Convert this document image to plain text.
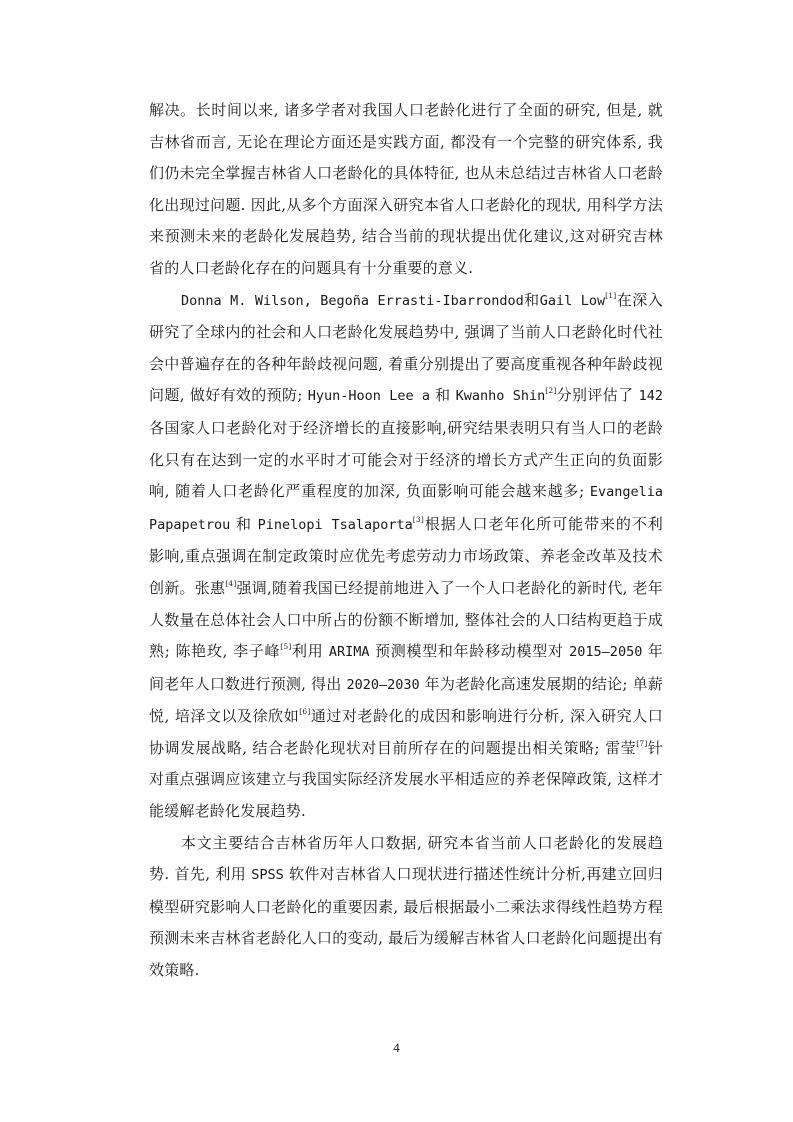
解决。长时间以来, 诸多学者对我国人口老龄化进行了全面的研究, 但是, 就吉林省而言, 无论在理论方面还是实践方面, 都没有一个完整的研究体系, 我们仍未完全掌握吉林省人口老龄化的具体特征, 也从未总结过吉林省人口老龄化出现过问题. 因此,从多个方面深入研究本省人口老龄化的现状, 用科学方法来预测未来的老龄化发展趋势, 结合当前的现状提出优化建议,这对研究吉林省的人口老龄化存在的问题具有十分重要的意义.

Donna M. Wilson, Begoña Errasti-Ibarrondod和Gail Low[1]在深入研究了全球内的社会和人口老龄化发展趋势中, 强调了当前人口老龄化时代社会中普遍存在的各种年龄歧视问题, 着重分别提出了要高度重视各种年龄歧视问题, 做好有效的预防; Hyun-Hoon Lee a 和 Kwanho Shin[2]分别评估了 142 各国家人口老龄化对于经济增长的直接影响,研究结果表明只有当人口的老龄化只有在达到一定的水平时才可能会对于经济的增长方式产生正向的负面影响, 随着人口老龄化严重程度的加深, 负面影响可能会越来越多; Evangelia Papapetrou 和 Pinelopi Tsalaporta[3]根据人口老年化所可能带来的不利影响,重点强调在制定政策时应优先考虑劳动力市场政策、养老金改革及技术创新。张惠[4]强调,随着我国已经提前地进入了一个人口老龄化的新时代, 老年人数量在总体社会人口中所占的份额不断增加, 整体社会的人口结构更趋于成熟; 陈艳玫, 李子峰[5]利用 ARIMA 预测模型和年龄移动模型对 2015—2050 年间老年人口数进行预测, 得出 2020—2030 年为老龄化高速发展期的结论; 单薪悦, 培泽文以及徐欣如[6]通过对老龄化的成因和影响进行分析, 深入研究人口协调发展战略, 结合老龄化现状对目前所存在的问题提出相关策略; 雷莹[7]针对重点强调应该建立与我国实际经济发展水平相适应的养老保障政策, 这样才能缓解老龄化发展趋势.

本文主要结合吉林省历年人口数据, 研究本省当前人口老龄化的发展趋势. 首先, 利用 SPSS 软件对吉林省人口现状进行描述性统计分析,再建立回归模型研究影响人口老龄化的重要因素, 最后根据最小二乘法求得线性趋势方程预测未来吉林省老龄化人口的变动, 最后为缓解吉林省人口老龄化问题提出有效策略.

4
